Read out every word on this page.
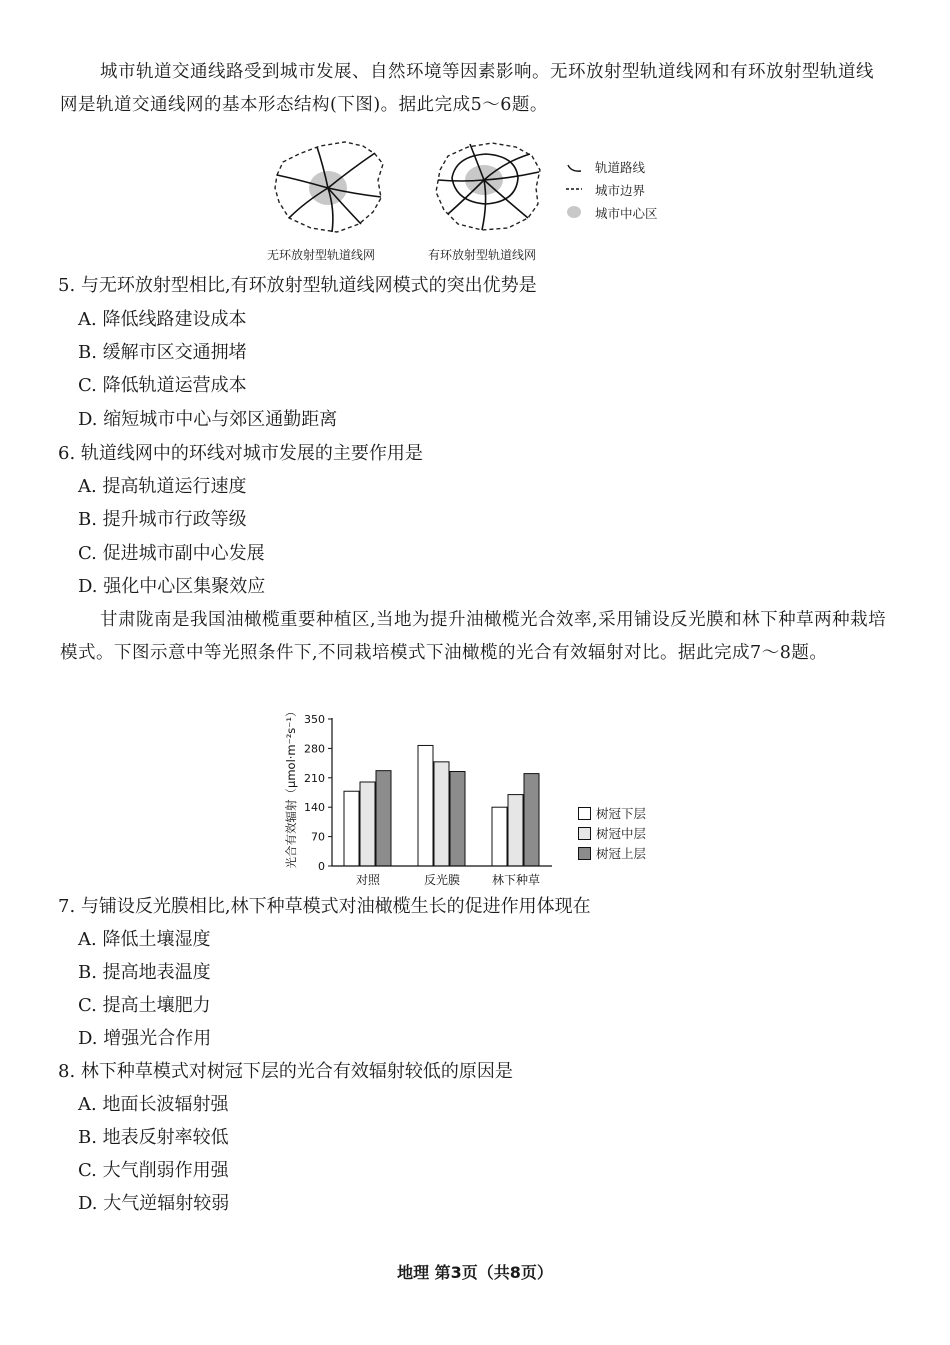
城市轨道交通线路受到城市发展、自然环境等因素影响。无环放射型轨道线网和有环放射型轨道线网是轨道交通线网的基本形态结构(下图)。据此完成5～6题。
轨道路线
城市边界
城市中心区
无环放射型轨道线网	有环放射型轨道线网
5. 与无环放射型相比,有环放射型轨道线网模式的突出优势是
A. 降低线路建设成本
B. 缓解市区交通拥堵
C. 降低轨道运营成本
D. 缩短城市中心与郊区通勤距离
6. 轨道线网中的环线对城市发展的主要作用是
A. 提高轨道运行速度
B. 提升城市行政等级
C. 促进城市副中心发展
D. 强化中心区集聚效应
甘肃陇南是我国油橄榄重要种植区,当地为提升油橄榄光合效率,采用铺设反光膜和林下种草两种栽培模式。下图示意中等光照条件下,不同栽培模式下油橄榄的光合有效辐射对比。据此完成7～8题。
光合有效辐射（μmol·m⁻²s⁻¹） 0
70
140
210
280
350
对照	反光膜	林下种草
树冠下层
树冠中层
树冠上层
7. 与铺设反光膜相比,林下种草模式对油橄榄生长的促进作用体现在
A. 降低土壤湿度
B. 提高地表温度
C. 提高土壤肥力
D. 增强光合作用
8. 林下种草模式对树冠下层的光合有效辐射较低的原因是
A. 地面长波辐射强
B. 地表反射率较低
C. 大气削弱作用强
D. 大气逆辐射较弱
地理 第3页（共8页）
